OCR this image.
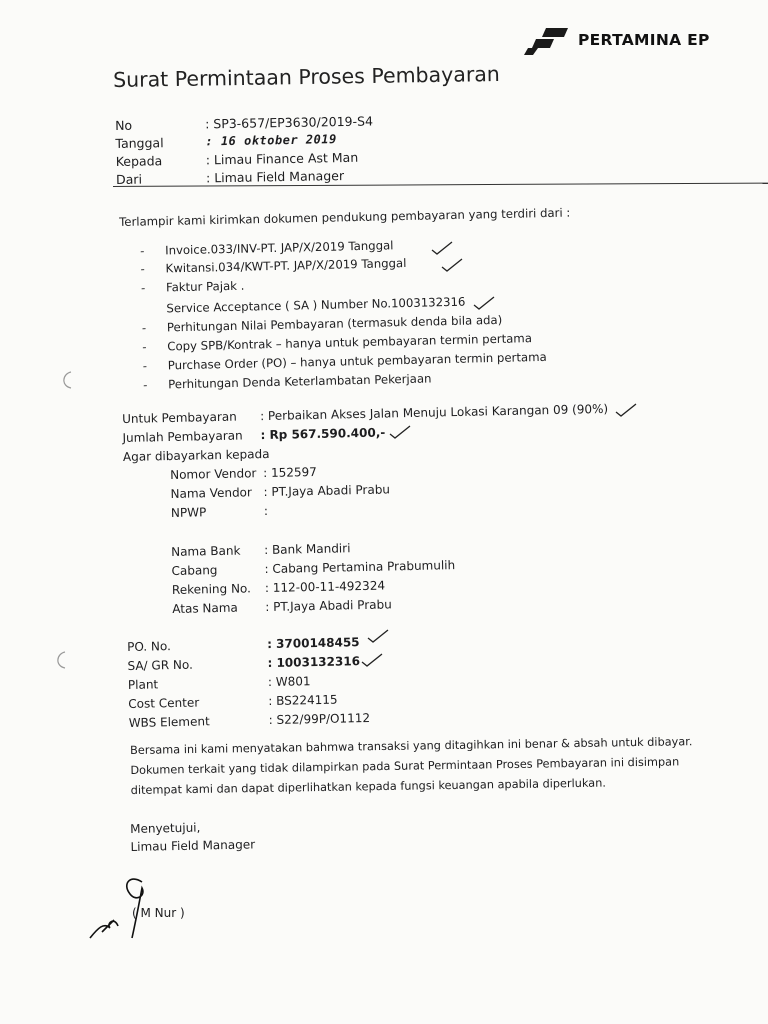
PERTAMINA EP
Surat Permintaan Proses Pembayaran
No	: SP3-657/EP3630/2019-S4
Tanggal	: 16 oktober 2019
Kepada	: Limau Finance Ast Man
Dari	: Limau Field Manager
Terlampir kami kirimkan dokumen pendukung pembayaran yang terdiri dari :
- Invoice.033/INV-PT. JAP/X/2019 Tanggal
- Kwitansi.034/KWT-PT. JAP/X/2019 Tanggal
- Faktur Pajak .
Service Acceptance ( SA ) Number No.1003132316
- Perhitungan Nilai Pembayaran (termasuk denda bila ada)
- Copy SPB/Kontrak – hanya untuk pembayaran termin pertama
- Purchase Order (PO) – hanya untuk pembayaran termin pertama
- Perhitungan Denda Keterlambatan Pekerjaan
Untuk Pembayaran : Perbaikan Akses Jalan Menuju Lokasi Karangan 09 (90%)
Jumlah Pembayaran : Rp 567.590.400,-
Agar dibayarkan kepada
Nomor Vendor : 152597
Nama Vendor : PT.Jaya Abadi Prabu
NPWP	:
Nama Bank : Bank Mandiri
Cabang	: Cabang Pertamina Prabumulih
Rekening No. : 112-00-11-492324
Atas Nama : PT.Jaya Abadi Prabu
PO. No.	: 3700148455
SA/ GR No.	: 1003132316
Plant	: W801
Cost Center	: BS224115
WBS Element	: S22/99P/O1112
Bersama ini kami menyatakan bahmwa transaksi yang ditagihkan ini benar & absah untuk dibayar.
Dokumen terkait yang tidak dilampirkan pada Surat Permintaan Proses Pembayaran ini disimpan
ditempat kami dan dapat diperlihatkan kepada fungsi keuangan apabila diperlukan.
Menyetujui,
Limau Field Manager
( M Nur )
